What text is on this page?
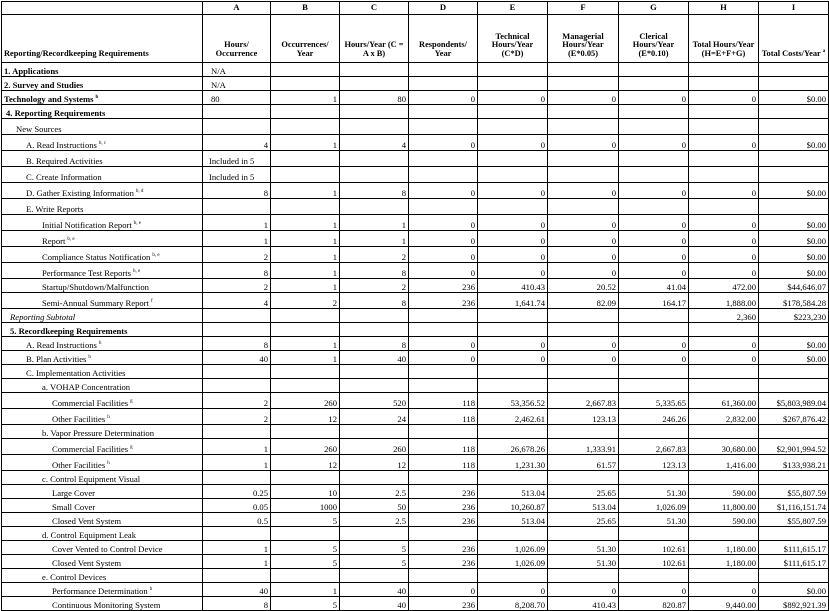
	A	B	C	D	E	F	G	H	I
Reporting/Recordkeeping Requirements	Hours/ Occurrence	Occurrences/ Year	Hours/Year (C = A x B)	Respondents/ Year	Technical Hours/Year (C*D)	Managerial Hours/Year (E*0.05)	Clerical Hours/Year (E*0.10)	Total Hours/Year (H=E+F+G)	Total Costs/Year $^a$
1. Applications	N/A								
2. Survey and Studies	N/A								
Technology and Systems $^b$	80	1	80	0	0	0	0	0	$0.00
4. Reporting Requirements									
New Sources									
A. Read Instructions $^{b, c}$	4	1	4	0	0	0	0	0	$0.00
B. Required Activities	Included in 5								
C. Create Information	Included in 5								
D. Gather Existing Information $^{b, d}$	8	1	8	0	0	0	0	0	$0.00
E. Write Reports									
Initial Notification Report $^{b, e}$	1	1	1	0	0	0	0	0	$0.00
Report $^{b, e}$	1	1	1	0	0	0	0	0	$0.00
Compliance Status Notification $^{b, e}$	2	1	2	0	0	0	0	0	$0.00
Performance Test Reports $^{b, e}$	8	1	8	0	0	0	0	0	$0.00
Startup/Shutdown/Malfunction	2	1	2	236	410.43	20.52	41.04	472.00	$44,646.07
Semi-Annual Summary Report $^f$	4	2	8	236	1,641.74	82.09	164.17	1,888.00	$178,584.28
Reporting Subtotal								2,360	$223,230
5. Recordkeeping Requirements									
A. Read Instructions $^b$	8	1	8	0	0	0	0	0	$0.00
B. Plan Activities $^b$	40	1	40	0	0	0	0	0	$0.00
C. Implementation Activities									
a. VOHAP Concentration									
Commercial Facilities $^g$	2	260	520	118	53,356.52	2,667.83	5,335.65	61,360.00	$5,803,989.04
Other Facilities $^h$	2	12	24	118	2,462.61	123.13	246.26	2,832.00	$267,876.42
b. Vapor Pressure Determination									
Commercial Facilities $^g$	1	260	260	118	26,678.26	1,333.91	2,667.83	30,680.00	$2,901,994.52
Other Facilities $^h$	1	12	12	118	1,231.30	61.57	123.13	1,416.00	$133,938.21
c. Control Equipment Visual									
Large Cover	0.25	10	2.5	236	513.04	25.65	51.30	590.00	$55,807.59
Small Cover	0.05	1000	50	236	10,260.87	513.04	1,026.09	11,800.00	$1,116,151.74
Closed Vent System	0.5	5	2.5	236	513.04	25.65	51.30	590.00	$55,807.59
d. Control Equipment Leak									
Cover Vented to Control Device	1	5	5	236	1,026.09	51.30	102.61	1,180.00	$111,615.17
Closed Vent System	1	5	5	236	1,026.09	51.30	102.61	1,180.00	$111,615.17
e. Control Devices									
Performance Determination $^b$	40	1	40	0	0	0	0	0	$0.00
Continuous Monitoring System	8	5	40	236	8,208.70	410.43	820.87	9,440.00	$892,921.39
